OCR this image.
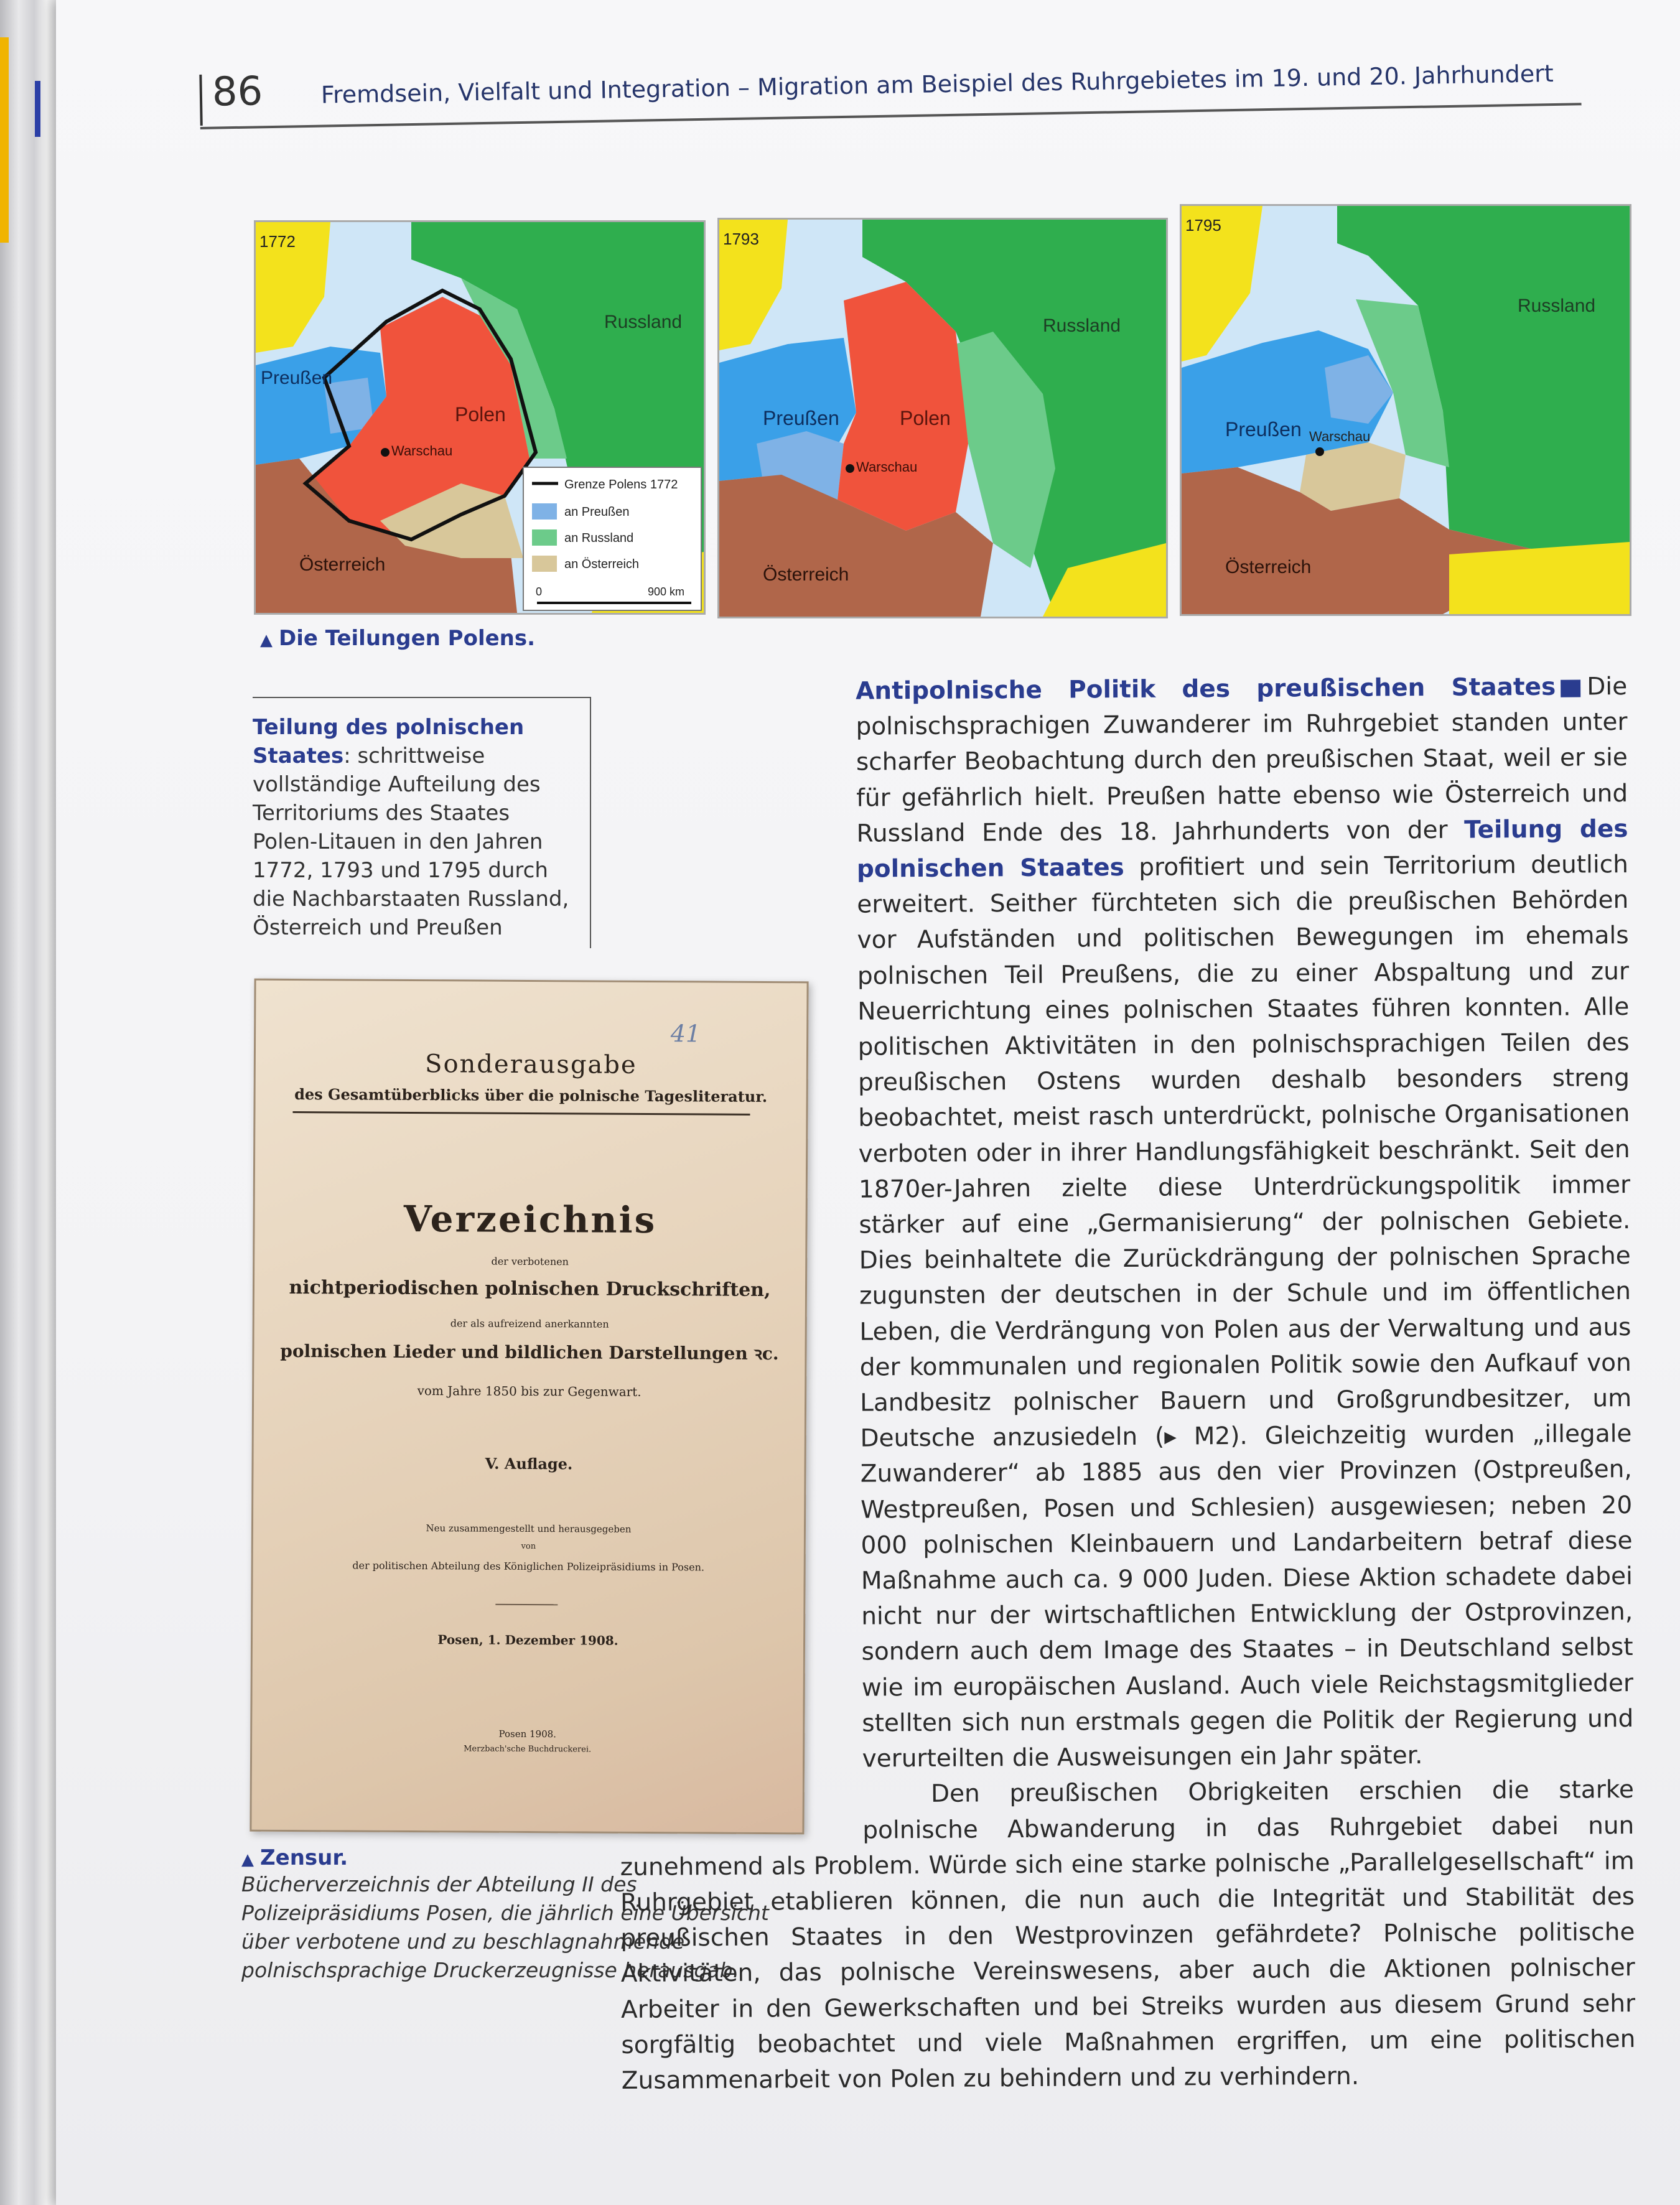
86 Fremdsein, Vielfalt und Integration – Migration am Beispiel des Ruhrgebietes im 19. und 20. Jahrhundert
1772
Russland
Preußen
Polen
Warschau
Österreich
Grenze Polens 1772
an Preußen
an Russland
an Österreich
0	900 km
1793
Russland
Preußen	Polen
Warschau
Österreich
1795
Russland
Preußen Warschau
Österreich
▲ Die Teilungen Polens.
Teilung des polnischen Staates: schrittweise vollständige Aufteilung des Territoriums des Staates Polen-Litauen in den Jahren 1772, 1793 und 1795 durch die Nachbarstaaten Russland, Österreich und Preußen
41
Sonderausgabe
des Gesamtüberblicks über die polnische Tagesliteratur.
Verzeichnis
der verbotenen
nichtperiodischen polnischen Druckschriften,
der als aufreizend anerkannten
polnischen Lieder und bildlichen Darstellungen ꝛc.
vom Jahre 1850 bis zur Gegenwart.
V. Auflage.
Neu zusammengestellt und herausgegeben
von
der politischen Abteilung des Königlichen Polizeipräsidiums in Posen.
Posen, 1. Dezember 1908.
Posen 1908.
Merzbach'sche Buchdruckerei.
▲ Zensur.
Bücherverzeichnis der Abteilung II des Polizeipräsidiums Posen, die jährlich eine Übersicht über verbotene und zu beschlagnahmende polnischsprachige Druckerzeugnisse herausgab.
Antipolnische Politik des preußischen Staates Die polnischsprachigen Zuwanderer im Ruhrgebiet standen unter scharfer Beobachtung durch den preußischen Staat, weil er sie für gefährlich hielt. Preußen hatte ebenso wie Österreich und Russland Ende des 18. Jahrhunderts von der Teilung des polnischen Staates profitiert und sein Territorium deutlich erweitert. Seither fürchteten sich die preußischen Behörden vor Aufständen und politischen Bewegungen im ehemals polnischen Teil Preußens, die zu einer Abspaltung und zur Neuerrichtung eines polnischen Staates führen konnten. Alle politischen Aktivitäten in den polnischsprachigen Teilen des preußischen Ostens wurden deshalb besonders streng beobachtet, meist rasch unterdrückt, polnische Organisationen verboten oder in ihrer Handlungsfähigkeit beschränkt. Seit den 1870er-Jahren zielte diese Unterdrückungspolitik immer stärker auf eine „Germanisierung“ der polnischen Gebiete. Dies beinhaltete die Zurückdrängung der polnischen Sprache zugunsten der deutschen in der Schule und im öffentlichen Leben, die Verdrängung von Polen aus der Verwaltung und aus der kommunalen und regionalen Politik sowie den Aufkauf von Landbesitz polnischer Bauern und Großgrundbesitzer, um Deutsche anzusiedeln (▸ M2). Gleichzeitig wurden „illegale Zuwanderer“ ab 1885 aus den vier Provinzen (Ostpreußen, Westpreußen, Posen und Schlesien) ausgewiesen; neben 20 000 polnischen Kleinbauern und Landarbeitern betraf diese Maßnahme auch ca. 9 000 Juden. Diese Aktion schadete dabei nicht nur der wirtschaftlichen Entwicklung der Ostprovinzen, sondern auch dem Image des Staates – in Deutschland selbst wie im europäischen Ausland. Auch viele Reichstagsmitglieder stellten sich nun erstmals gegen die Politik der Regierung und verurteilten die Ausweisungen ein Jahr später.
Den preußischen Obrigkeiten erschien die starke polnische Abwanderung in das Ruhrgebiet dabei nun zunehmend als Problem. Würde sich eine starke polnische „Parallelgesellschaft“ im Ruhrgebiet etablieren können, die nun auch die Integrität und Stabilität des preußischen Staates in den Westprovinzen gefährdete? Polnische politische Aktivitäten, das polnische Vereinswesens, aber auch die Aktionen polnischer Arbeiter in den Gewerkschaften und bei Streiks wurden aus diesem Grund sehr sorgfältig beobachtet und viele Maßnahmen ergriffen, um eine politischen Zusammenarbeit von Polen zu behindern und zu verhindern.
